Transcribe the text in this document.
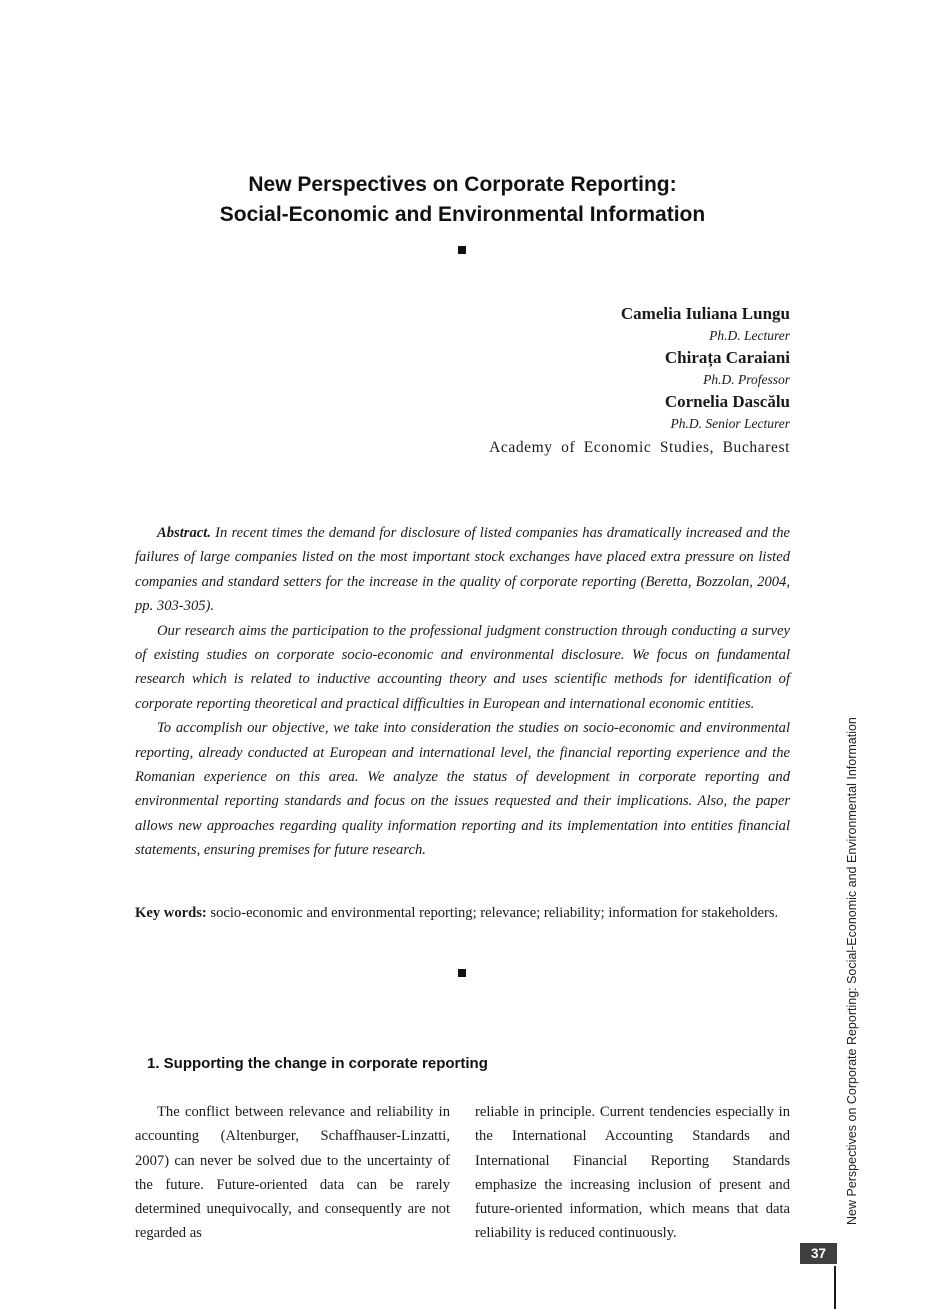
New Perspectives on Corporate Reporting:
Social-Economic and Environmental Information
Camelia Iuliana Lungu
Ph.D. Lecturer
Chirața Caraiani
Ph.D. Professor
Cornelia Dascălu
Ph.D. Senior Lecturer
Academy of Economic Studies, Bucharest

Abstract. In recent times the demand for disclosure of listed companies has dramatically increased and the failures of large companies listed on the most important stock exchanges have placed extra pressure on listed companies and standard setters for the increase in the quality of corporate reporting (Beretta, Bozzolan, 2004, pp. 303-305).

Our research aims the participation to the professional judgment construction through conducting a survey of existing studies on corporate socio-economic and environmental disclosure. We focus on fundamental research which is related to inductive accounting theory and uses scientific methods for identification of corporate reporting theoretical and practical difficulties in European and international economic entities.

To accomplish our objective, we take into consideration the studies on socio-economic and environmental reporting, already conducted at European and international level, the financial reporting experience and the Romanian experience on this area. We analyze the status of development in corporate reporting and environmental reporting standards and focus on the issues requested and their implications. Also, the paper allows new approaches regarding quality information reporting and its implementation into entities financial statements, ensuring premises for future research.

Key words: socio-economic and environmental reporting; relevance; reliability; information for stakeholders.

1. Supporting the change in corporate reporting

The conflict between relevance and reliability in accounting (Altenburger, Schaffhauser-Linzatti, 2007) can never be solved due to the uncertainty of the future. Future-oriented data can be rarely determined unequivocally, and consequently are not regarded as

reliable in principle. Current tendencies especially in the International Accounting Standards and International Financial Reporting Standards emphasize the increasing inclusion of present and future-oriented information, which means that data reliability is reduced continuously.

New Perspectives on Corporate Reporting: Social-Economic and Environmental Information
37
